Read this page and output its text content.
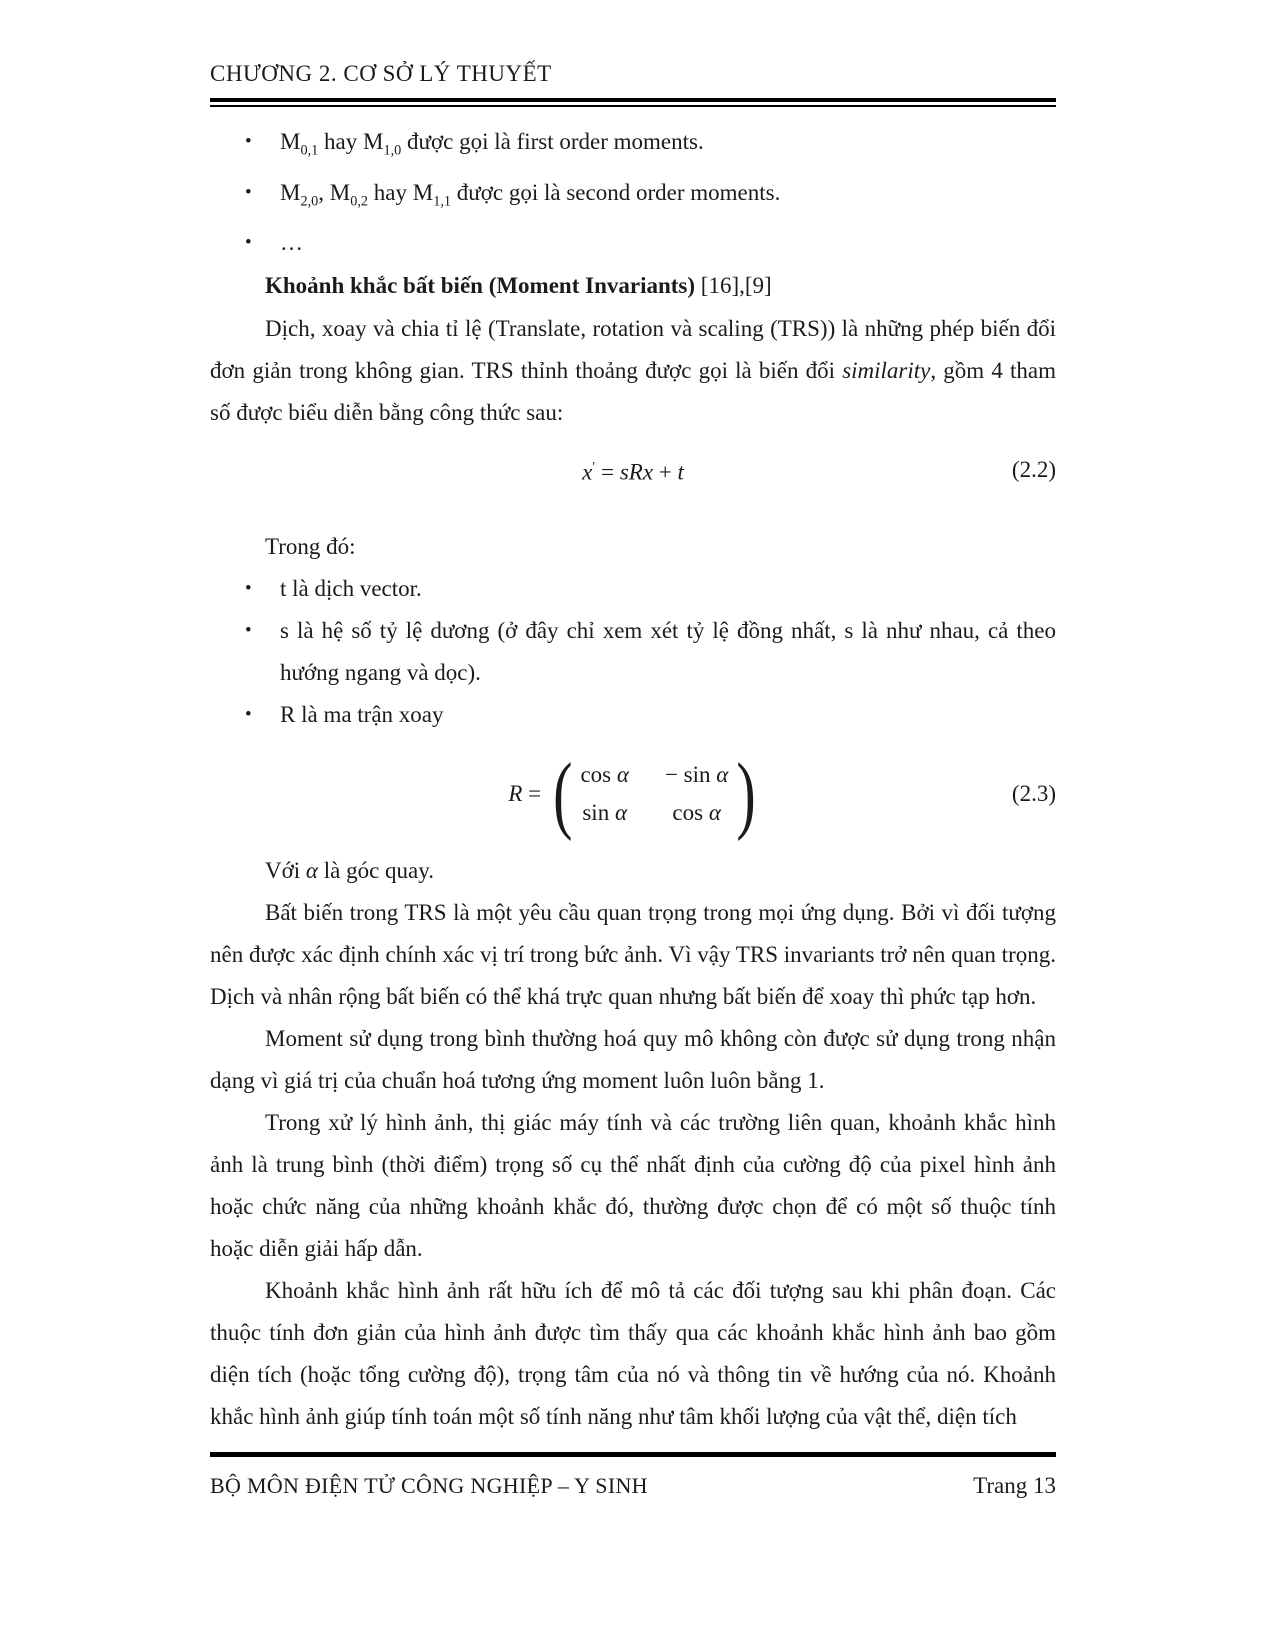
CHƯƠNG 2. CƠ SỞ LÝ THUYẾT
•	$M_{0,1}$ hay $M_{1,0}$ được gọi là first order moments.
•	$M_{2,0}$, $M_{0,2}$ hay $M_{1,1}$ được gọi là second order moments.
•	…
Khoảnh khắc bất biến (Moment Invariants) [16],[9]

Dịch, xoay và chia tỉ lệ (Translate, rotation và scaling (TRS)) là những phép biến đổi đơn giản trong không gian. TRS thỉnh thoảng được gọi là biến đổi similarity, gồm 4 tham số được biểu diễn bằng công thức sau:

x′ = sRx + t	(2.2)
Trong đó:
•	t là dịch vector.
•	s là hệ số tỷ lệ dương (ở đây chỉ xem xét tỷ lệ đồng nhất, s là như nhau, cả theo hướng ngang và dọc).
•	R là ma trận xoay
R = ( cos α − sin α
sin α	cos α )	(2.3)
Với α là góc quay.

Bất biến trong TRS là một yêu cầu quan trọng trong mọi ứng dụng. Bởi vì đối tượng nên được xác định chính xác vị trí trong bức ảnh. Vì vậy TRS invariants trở nên quan trọng. Dịch và nhân rộng bất biến có thể khá trực quan nhưng bất biến để xoay thì phức tạp hơn.

Moment sử dụng trong bình thường hoá quy mô không còn được sử dụng trong nhận dạng vì giá trị của chuẩn hoá tương ứng moment luôn luôn bằng 1.

Trong xử lý hình ảnh, thị giác máy tính và các trường liên quan, khoảnh khắc hình ảnh là trung bình (thời điểm) trọng số cụ thể nhất định của cường độ của pixel hình ảnh hoặc chức năng của những khoảnh khắc đó, thường được chọn để có một số thuộc tính hoặc diễn giải hấp dẫn.

Khoảnh khắc hình ảnh rất hữu ích để mô tả các đối tượng sau khi phân đoạn. Các thuộc tính đơn giản của hình ảnh được tìm thấy qua các khoảnh khắc hình ảnh bao gồm diện tích (hoặc tổng cường độ), trọng tâm của nó và thông tin về hướng của nó. Khoảnh khắc hình ảnh giúp tính toán một số tính năng như tâm khối lượng của vật thể, diện tích

BỘ MÔN ĐIỆN TỬ CÔNG NGHIỆP – Y SINH	Trang 13
